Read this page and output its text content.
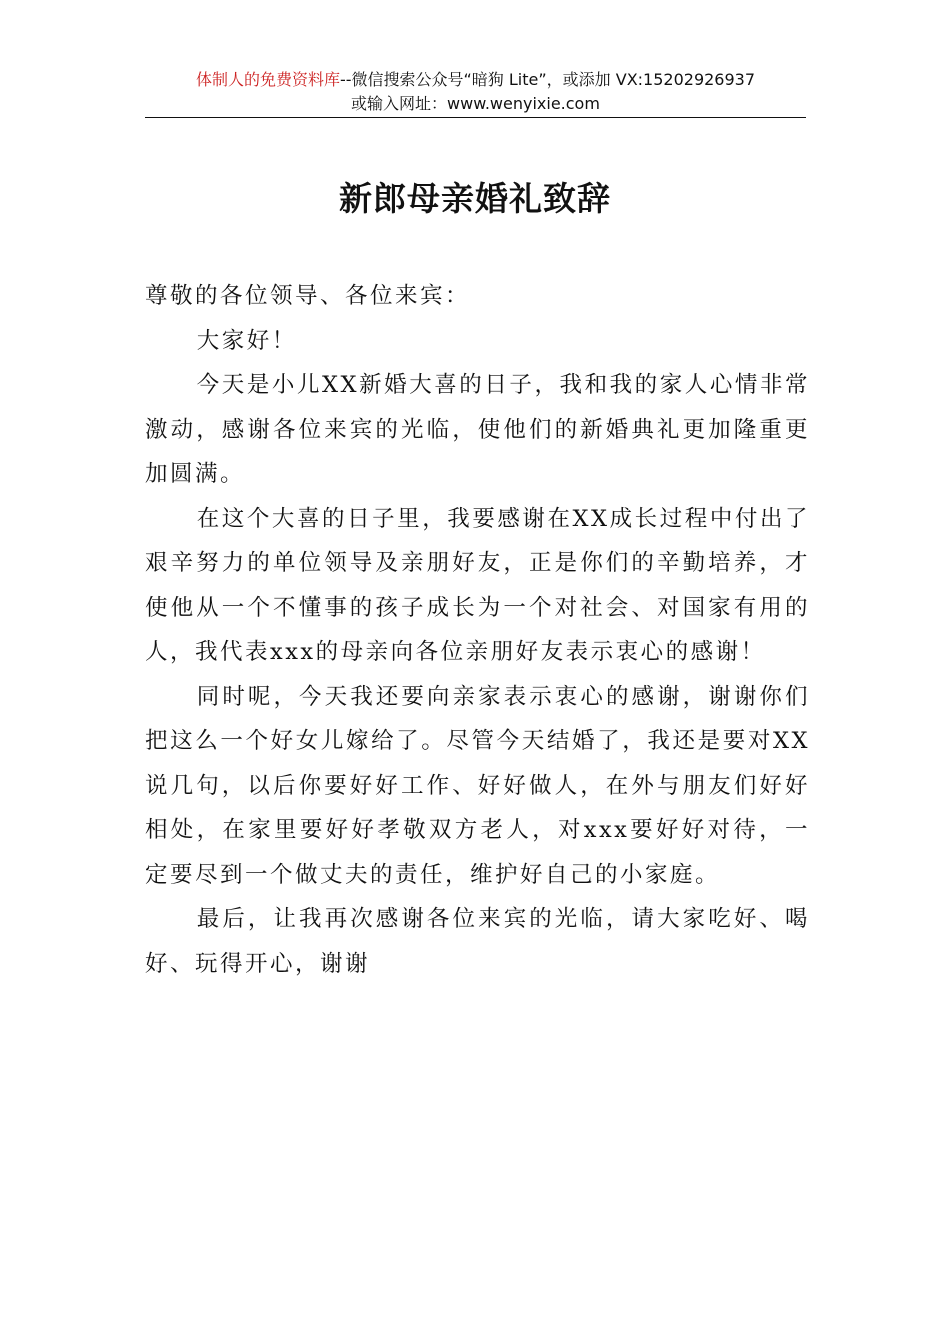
体制人的免费资料库--微信搜索公众号“暗狗 Lite”，或添加 VX:15202926937
或输入网址：www.wenyixie.com
新郎母亲婚礼致辞

尊敬的各位领导、各位来宾：

大家好！

今天是小儿XX新婚大喜的日子，我和我的家人心情非常激动，感谢各位来宾的光临，使他们的新婚典礼更加隆重更加圆满。

在这个大喜的日子里，我要感谢在XX成长过程中付出了艰辛努力的单位领导及亲朋好友，正是你们的辛勤培养，才使他从一个不懂事的孩子成长为一个对社会、对国家有用的人，我代表xxx的母亲向各位亲朋好友表示衷心的感谢！

同时呢，今天我还要向亲家表示衷心的感谢，谢谢你们把这么一个好女儿嫁给了。尽管今天结婚了，我还是要对XX说几句，以后你要好好工作、好好做人，在外与朋友们好好相处，在家里要好好孝敬双方老人，对xxx要好好对待，一定要尽到一个做丈夫的责任，维护好自己的小家庭。

最后，让我再次感谢各位来宾的光临，请大家吃好、喝好、玩得开心，谢谢
